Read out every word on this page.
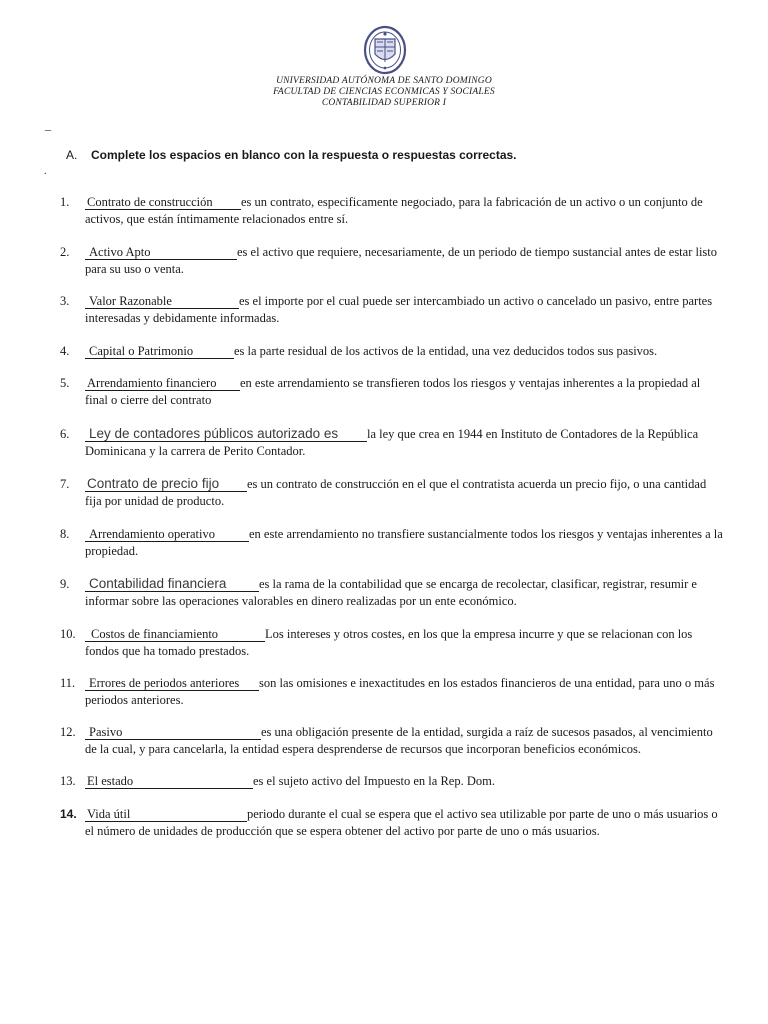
UNIVERSIDAD AUTÓNOMA DE SANTO DOMINGO
FACULTAD DE CIENCIAS ECONMICAS Y SOCIALES
CONTABILIDAD SUPERIOR I
_
.
A. Complete los espacios en blanco con la respuesta o respuestas correctas.
1.	Contrato de construcción es un contrato, especificamente negociado, para la fabricación de un activo o un conjunto de activos, que están íntimamente relacionados entre sí.
2.	Activo Apto	es el activo que requiere, necesariamente, de un periodo de tiempo sustancial antes de estar listo para su uso o venta.
3.	Valor Razonable	es el importe por el cual puede ser intercambiado un activo o cancelado un pasivo, entre partes interesadas y debidamente informadas.
4.	Capital o Patrimonio	es la parte residual de los activos de la entidad, una vez deducidos todos sus pasivos.
5.	Arrendamiento financiero en este arrendamiento se transfieren todos los riesgos y ventajas inherentes a la propiedad al final o cierre del contrato
6.	Ley de contadores públicos autorizado es la ley que crea en 1944 en Instituto de Contadores de la República Dominicana y la carrera de Perito Contador.
7.	Contrato de precio fijo es un contrato de construcción en el que el contratista acuerda un precio fijo, o una cantidad fija por unidad de producto.
8.	Arrendamiento operativo	en este arrendamiento no transfiere sustancialmente todos los riesgos y ventajas inherentes a la propiedad.
9.	Contabilidad financiera	es la rama de la contabilidad que se encarga de recolectar, clasificar, registrar, resumir e informar sobre las operaciones valorables en dinero realizadas por un ente económico.
10.	Costos de financiamiento	Los intereses y otros costes, en los que la empresa incurre y que se relacionan con los fondos que ha tomado prestados.
11.	Errores de periodos anteriores son las omisiones e inexactitudes en los estados financieros de una entidad, para uno o más periodos anteriores.
12.	Pasivo	es una obligación presente de la entidad, surgida a raíz de sucesos pasados, al vencimiento de la cual, y para cancelarla, la entidad espera desprenderse de recursos que incorporan beneficios económicos.
13. El estado	es el sujeto activo del Impuesto en la Rep. Dom.
14. Vida útil	periodo durante el cual se espera que el activo sea utilizable por parte de uno o más usuarios o el número de unidades de producción que se espera obtener del activo por parte de uno o más usuarios.
